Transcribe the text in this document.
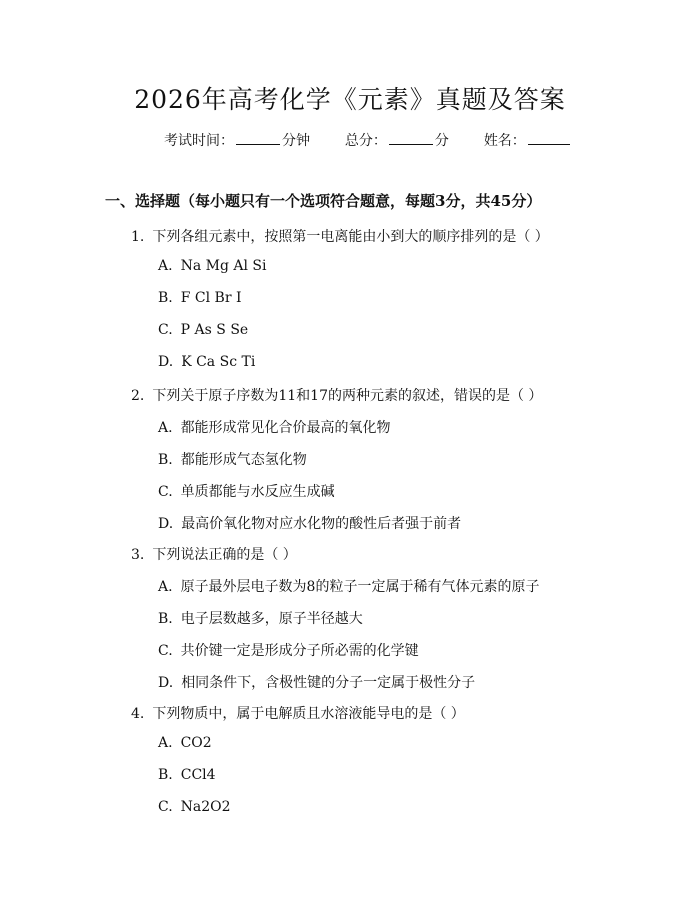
2026年高考化学《元素》真题及答案
考试时间：	分钟 总分：	分 姓名：
一、选择题（每小题只有一个选项符合题意，每题3分，共45分）
1. 下列各组元素中，按照第一电离能由小到大的顺序排列的是（ ）
A. Na Mg Al Si
B. F Cl Br I
C. P As S Se
D. K Ca Sc Ti
2. 下列关于原子序数为11和17的两种元素的叙述，错误的是（ ）
A. 都能形成常见化合价最高的氧化物
B. 都能形成气态氢化物
C. 单质都能与水反应生成碱
D. 最高价氧化物对应水化物的酸性后者强于前者
3. 下列说法正确的是（ ）
A. 原子最外层电子数为8的粒子一定属于稀有气体元素的原子
B. 电子层数越多，原子半径越大
C. 共价键一定是形成分子所必需的化学键
D. 相同条件下，含极性键的分子一定属于极性分子
4. 下列物质中，属于电解质且水溶液能导电的是（ ）
A. CO2
B. CCl4
C. Na2O2
